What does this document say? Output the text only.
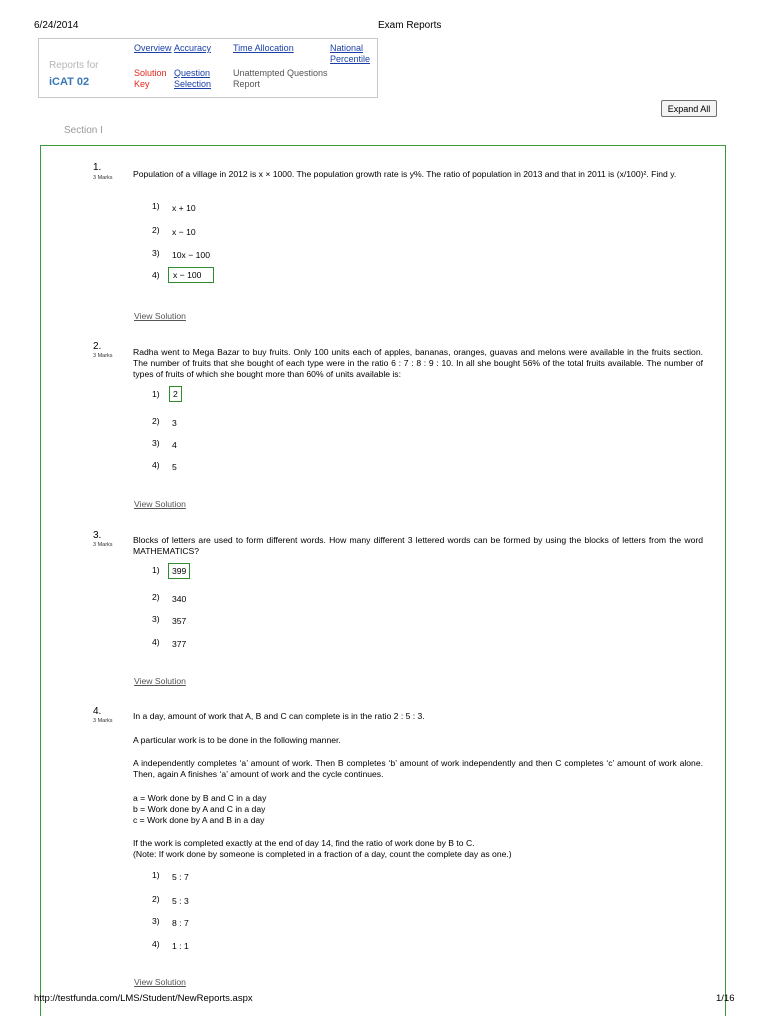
6/24/2014	Exam Reports
Reports for
iCAT 02
Overview Accuracy Time Allocation	National
Percentile
Solution
Key
Question
Selection
Unattempted Questions
Report
Expand All
Section I
1.
3 Marks Population of a village in 2012 is x × 1000. The population growth rate is y%. The ratio of population in 2013 and that in 2011 is (x/100)². Find y.
1) x + 10
2) x − 10
3) 10x − 100
4)	x − 100
View Solution
2.
3 Marks Radha went to Mega Bazar to buy fruits. Only 100 units each of apples, bananas, oranges, guavas and melons were available in the fruits section. The number of fruits that she bought of each type were in the ratio 6 : 7 : 8 : 9 : 10. In all she bought 56% of the total fruits available. The number of types of fruits of which she bought more than 60% of units available is:
1)	2
2) 3
3) 4
4) 5
View Solution
3.
3 Marks Blocks of letters are used to form different words. How many different 3 lettered words can be formed by using the blocks of letters from the word MATHEMATICS?
1)	399
2) 340
3) 357
4) 377
View Solution
4.
3 Marks In a day, amount of work that A, B and C can complete is in the ratio 2 : 5 : 3.
A particular work is to be done in the following manner.
A independently completes ‘a’ amount of work. Then B completes ‘b’ amount of work independently and then C completes ‘c’ amount of work alone. Then, again A finishes ‘a’ amount of work and the cycle continues.
a = Work done by B and C in a day
b = Work done by A and C in a day
c = Work done by A and B in a day
If the work is completed exactly at the end of day 14, find the ratio of work done by B to C.
(Note: If work done by someone is completed in a fraction of a day, count the complete day as one.)
1) 5 : 7
2) 5 : 3
3) 8 : 7
4) 1 : 1
View Solution
http://testfunda.com/LMS/Student/NewReports.aspx	1/16
